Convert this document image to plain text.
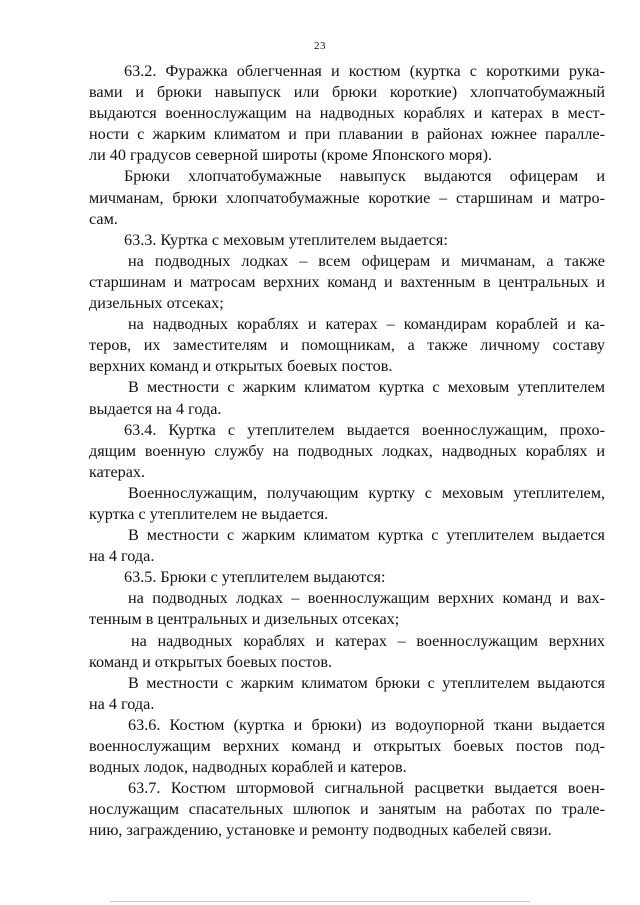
23
63.2. Фуражка облегченная и костюм (куртка с короткими рука-
вами и брюки навыпуск или брюки короткие) хлопчатобумажный
выдаются военнослужащим на надводных кораблях и катерах в мест-
ности с жарким климатом и при плавании в районах южнее паралле-
ли 40 градусов северной широты (кроме Японского моря).
Брюки хлопчатобумажные навыпуск выдаются офицерам и
мичманам, брюки хлопчатобумажные короткие – старшинам и матро-
сам.
63.3. Куртка с меховым утеплителем выдается:
на подводных лодках – всем офицерам и мичманам, а также
старшинам и матросам верхних команд и вахтенным в центральных и
дизельных отсеках;
на надводных кораблях и катерах – командирам кораблей и ка-
теров, их заместителям и помощникам, а также личному составу
верхних команд и открытых боевых постов.
В местности с жарким климатом куртка с меховым утеплителем
выдается на 4 года.
63.4. Куртка с утеплителем выдается военнослужащим, прохо-
дящим военную службу на подводных лодках, надводных кораблях и
катерах.
Военнослужащим, получающим куртку с меховым утеплителем,
куртка с утеплителем не выдается.
В местности с жарким климатом куртка с утеплителем выдается
на 4 года.
63.5. Брюки с утеплителем выдаются:
на подводных лодках – военнослужащим верхних команд и вах-
тенным в центральных и дизельных отсеках;
на надводных кораблях и катерах – военнослужащим верхних
команд и открытых боевых постов.
В местности с жарким климатом брюки с утеплителем выдаются
на 4 года.
63.6. Костюм (куртка и брюки) из водоупорной ткани выдается
военнослужащим верхних команд и открытых боевых постов под-
водных лодок, надводных кораблей и катеров.
63.7. Костюм штормовой сигнальной расцветки выдается воен-
нослужащим спасательных шлюпок и занятым на работах по трале-
нию, заграждению, установке и ремонту подводных кабелей связи.
